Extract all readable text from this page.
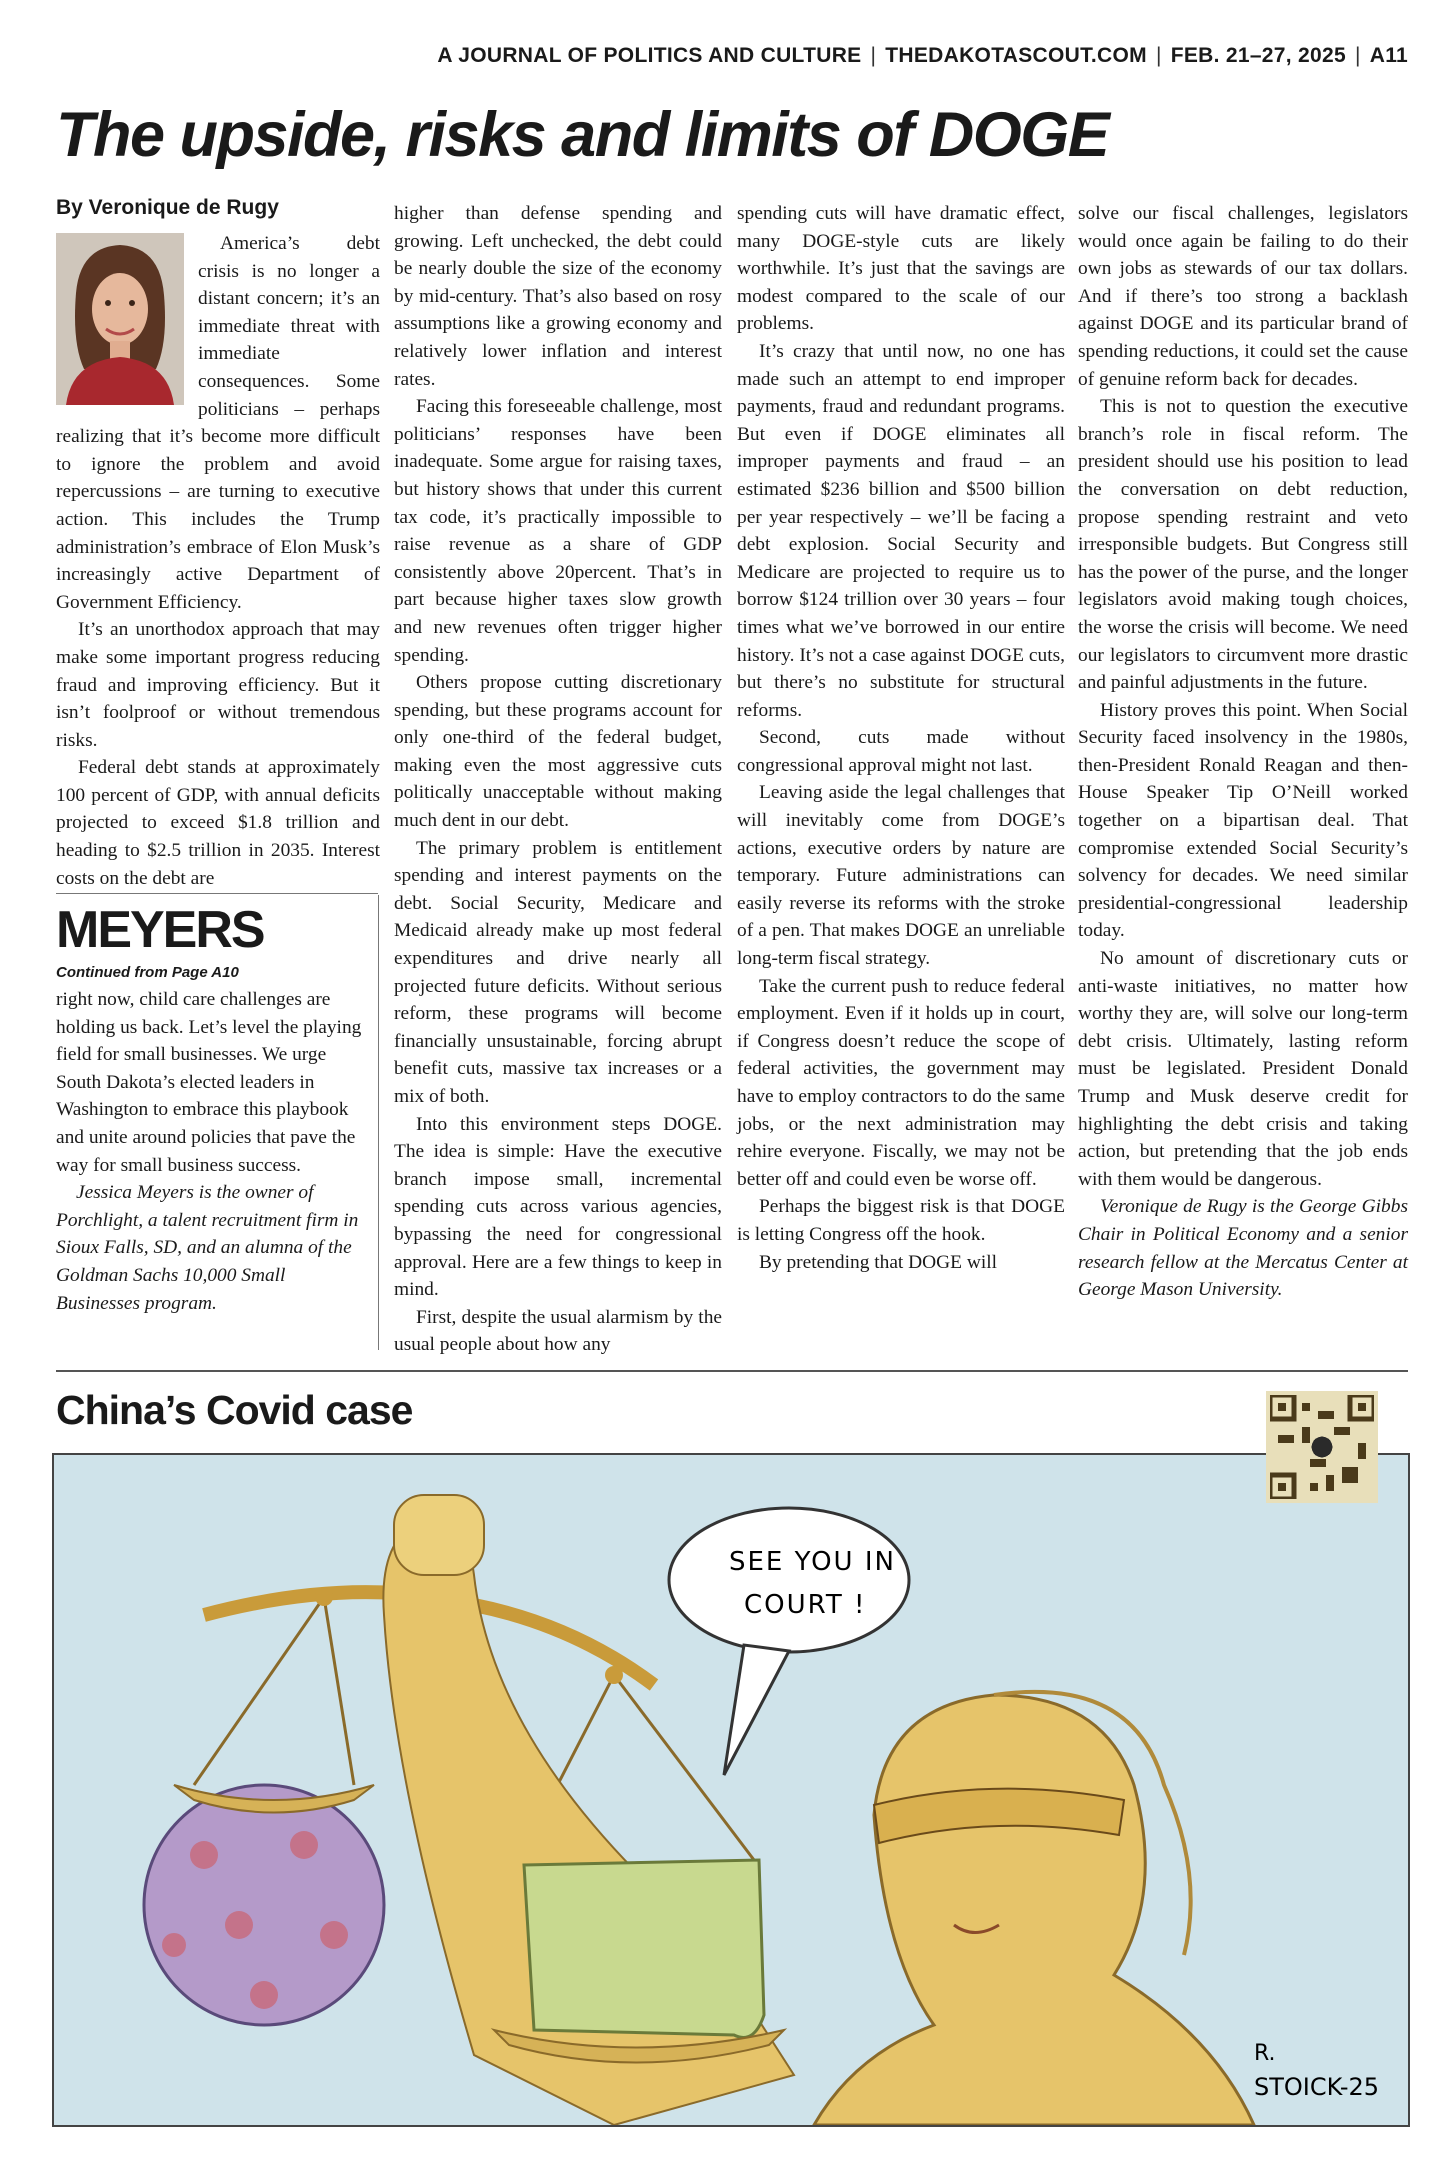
A JOURNAL OF POLITICS AND CULTURE | THEDAKOTASCOUT.COM | FEB. 21–27, 2025 | A11
The upside, risks and limits of DOGE
By Veronique de Rugy

America’s debt crisis is no longer a distant concern; it’s an immediate threat with immediate consequences. Some politicians – perhaps realizing that it’s become more difficult to ignore the problem and avoid repercussions – are turning to executive action. This includes the Trump administration’s embrace of Elon Musk’s increasingly active Department of Government Efficiency.

It’s an unorthodox approach that may make some important progress reducing fraud and improving efficiency. But it isn’t foolproof or without tremendous risks.

Federal debt stands at approximately 100 percent of GDP, with annual deficits projected to exceed $1.8 trillion and heading to $2.5 trillion in 2035. Interest costs on the debt are

MEYERS
Continued from Page A10

right now, child care challenges are holding us back. Let’s level the playing field for small businesses. We urge South Dakota’s elected leaders in Washington to embrace this playbook and unite around policies that pave the way for small business success.

Jessica Meyers is the owner of Porchlight, a talent recruitment firm in Sioux Falls, SD, and an alumna of the Goldman Sachs 10,000 Small Businesses program.

higher than defense spending and growing. Left unchecked, the debt could be nearly double the size of the economy by mid-century. That’s also based on rosy assumptions like a growing economy and relatively lower inflation and interest rates.

Facing this foreseeable challenge, most politicians’ responses have been inadequate. Some argue for raising taxes, but history shows that under this current tax code, it’s practically impossible to raise revenue as a share of GDP consistently above 20percent. That’s in part because higher taxes slow growth and new revenues often trigger higher spending.

Others propose cutting discretionary spending, but these programs account for only one-third of the federal budget, making even the most aggressive cuts politically unacceptable without making much dent in our debt.

The primary problem is entitlement spending and interest payments on the debt. Social Security, Medicare and Medicaid already make up most federal expenditures and drive nearly all projected future deficits. Without serious reform, these programs will become financially unsustainable, forcing abrupt benefit cuts, massive tax increases or a mix of both.

Into this environment steps DOGE. The idea is simple: Have the executive branch impose small, incremental spending cuts across various agencies, bypassing the need for congressional approval. Here are a few things to keep in mind.

First, despite the usual alarmism by the usual people about how any

spending cuts will have dramatic effect, many DOGE-style cuts are likely worthwhile. It’s just that the savings are modest compared to the scale of our problems.

It’s crazy that until now, no one has made such an attempt to end improper payments, fraud and redundant programs. But even if DOGE eliminates all improper payments and fraud – an estimated $236 billion and $500 billion per year respectively – we’ll be facing a debt explosion. Social Security and Medicare are projected to require us to borrow $124 trillion over 30 years – four times what we’ve borrowed in our entire history. It’s not a case against DOGE cuts, but there’s no substitute for structural reforms.

Second, cuts made without congressional approval might not last.

Leaving aside the legal challenges that will inevitably come from DOGE’s actions, executive orders by nature are temporary. Future administrations can easily reverse its reforms with the stroke of a pen. That makes DOGE an unreliable long-term fiscal strategy.

Take the current push to reduce federal employment. Even if it holds up in court, if Congress doesn’t reduce the scope of federal activities, the government may have to employ contractors to do the same jobs, or the next administration may rehire everyone. Fiscally, we may not be better off and could even be worse off.

Perhaps the biggest risk is that DOGE is letting Congress off the hook.

By pretending that DOGE will

solve our fiscal challenges, legislators would once again be failing to do their own jobs as stewards of our tax dollars. And if there’s too strong a backlash against DOGE and its particular brand of spending reductions, it could set the cause of genuine reform back for decades.

This is not to question the executive branch’s role in fiscal reform. The president should use his position to lead the conversation on debt reduction, propose spending restraint and veto irresponsible budgets. But Congress still has the power of the purse, and the longer legislators avoid making tough choices, the worse the crisis will become. We need our legislators to circumvent more drastic and painful adjustments in the future.

History proves this point. When Social Security faced insolvency in the 1980s, then-President Ronald Reagan and then-House Speaker Tip O’Neill worked together on a bipartisan deal. That compromise extended Social Security’s solvency for decades. We need similar presidential-congressional leadership today.

No amount of discretionary cuts or anti-waste initiatives, no matter how worthy they are, will solve our long-term debt crisis. Ultimately, lasting reform must be legislated. President Donald Trump and Musk deserve credit for highlighting the debt crisis and taking action, but pretending that the job ends with them would be dangerous.

Veronique de Rugy is the George Gibbs Chair in Political Economy and a senior research fellow at the Mercatus Center at George Mason University.

China’s Covid case
SEE YOU IN
COURT !
R.
STOICK-25
